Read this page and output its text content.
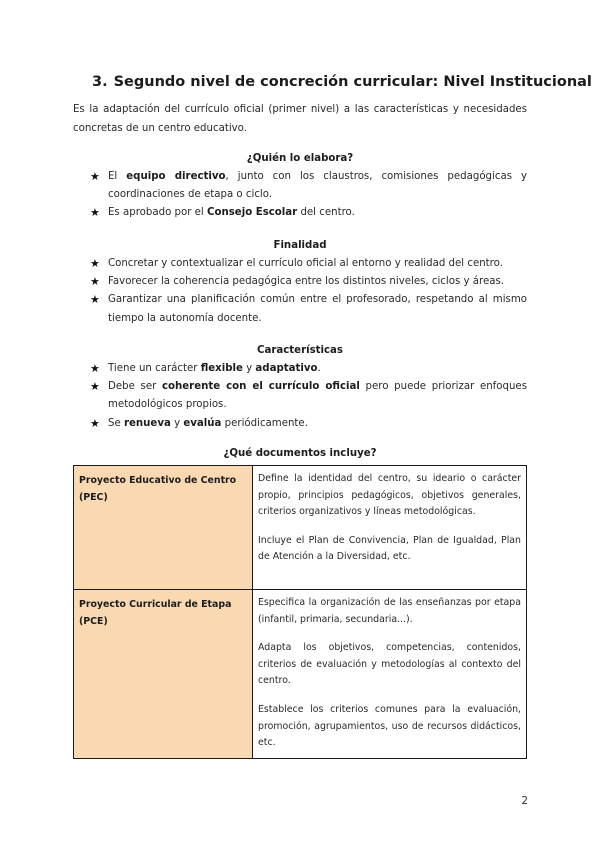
3. Segundo nivel de concreción curricular: Nivel Institucional
Es la adaptación del currículo oficial (primer nivel) a las características y necesidades concretas de un centro educativo.
¿Quién lo elabora?
★ El equipo directivo, junto con los claustros, comisiones pedagógicas y coordinaciones de etapa o ciclo.
★ Es aprobado por el Consejo Escolar del centro.
Finalidad
★ Concretar y contextualizar el currículo oficial al entorno y realidad del centro.
★ Favorecer la coherencia pedagógica entre los distintos niveles, ciclos y áreas.
★ Garantizar una planificación común entre el profesorado, respetando al mismo tiempo la autonomía docente.
Características
★ Tiene un carácter flexible y adaptativo.
★ Debe ser coherente con el currículo oficial pero puede priorizar enfoques metodológicos propios.
★ Se renueva y evalúa periódicamente.
¿Qué documentos incluye?
Proyecto Educativo de Centro (PEC)	Define la identidad del centro, su ideario o carácter propio, principios pedagógicos, objetivos generales, criterios organizativos y líneas metodológicas.

Incluye el Plan de Convivencia, Plan de Igualdad, Plan de Atención a la Diversidad, etc.

Proyecto Curricular de Etapa (PCE)	Especifica la organización de las enseñanzas por etapa (infantil, primaria, secundaria...).

Adapta los objetivos, competencias, contenidos, criterios de evaluación y metodologías al contexto del centro.

Establece los criterios comunes para la evaluación, promoción, agrupamientos, uso de recursos didácticos, etc.

2
